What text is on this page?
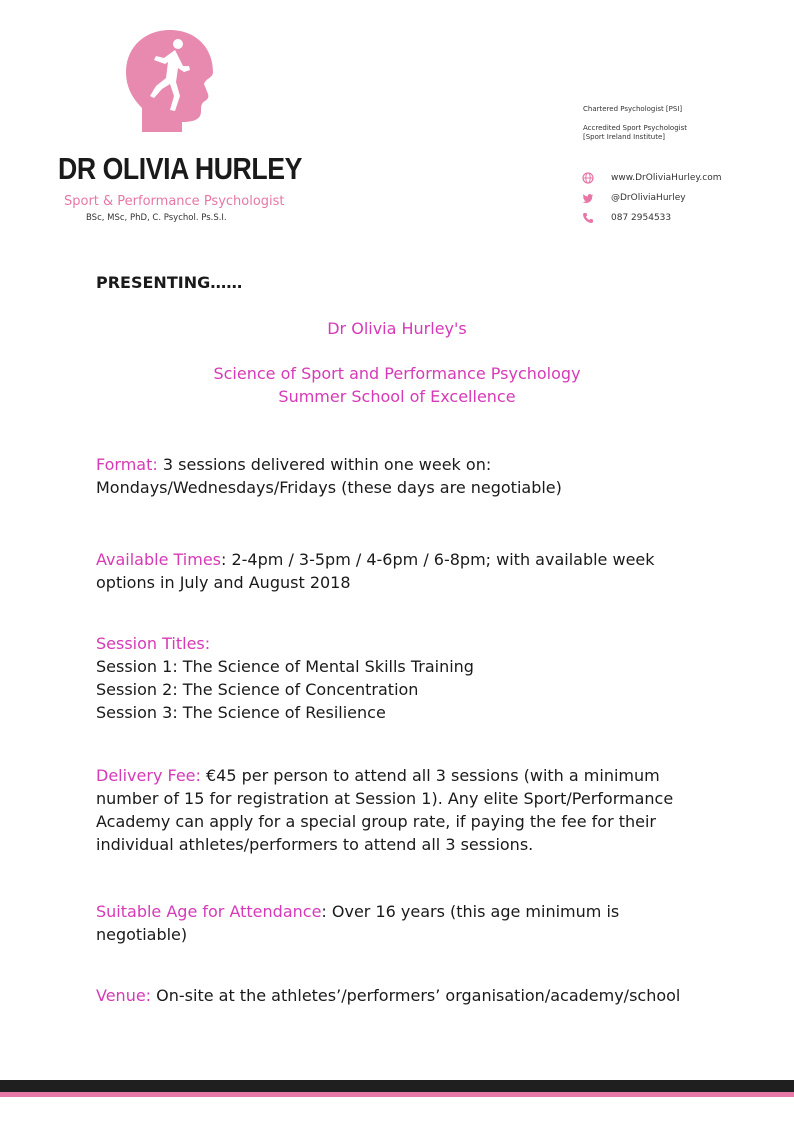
DR OLIVIA HURLEY
Sport & Performance Psychologist
BSc, MSc, PhD, C. Psychol. Ps.S.I.
Chartered Psychologist [PSI]
Accredited Sport Psychologist
[Sport Ireland Institute]
www.DrOliviaHurley.com
@DrOliviaHurley
087 2954533
PRESENTING……
Dr Olivia Hurley's
Science of Sport and Performance Psychology
Summer School of Excellence
Format: 3 sessions delivered within one week on:
Mondays/Wednesdays/Fridays (these days are negotiable)
Available Times: 2-4pm / 3-5pm / 4-6pm / 6-8pm; with available week
options in July and August 2018
Session Titles:
Session 1: The Science of Mental Skills Training
Session 2: The Science of Concentration
Session 3: The Science of Resilience
Delivery Fee: €45 per person to attend all 3 sessions (with a minimum
number of 15 for registration at Session 1). Any elite Sport/Performance
Academy can apply for a special group rate, if paying the fee for their
individual athletes/performers to attend all 3 sessions.
Suitable Age for Attendance: Over 16 years (this age minimum is
negotiable)
Venue: On-site at the athletes’/performers’ organisation/academy/school
